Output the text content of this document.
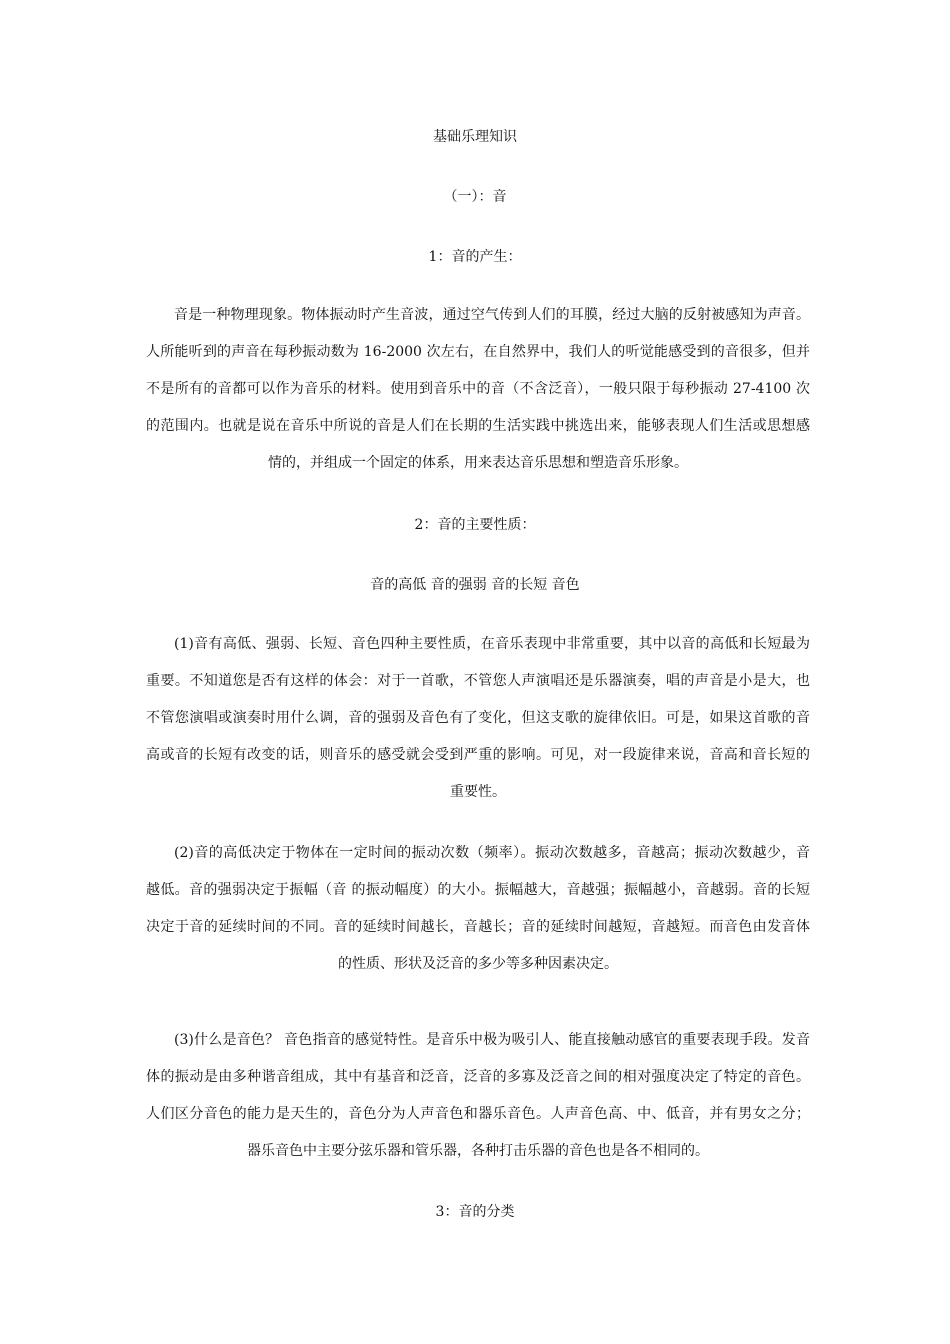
基础乐理知识
（一）：音
1：音的产生：
音是一种物理现象。物体振动时产生音波，通过空气传到人们的耳膜，经过大脑的反射被感知为声音。
人所能听到的声音在每秒振动数为 16-2000 次左右，在自然界中，我们人的听觉能感受到的音很多，但并
不是所有的音都可以作为音乐的材料。使用到音乐中的音（不含泛音），一般只限于每秒振动 27-4100 次
的范围内。也就是说在音乐中所说的音是人们在长期的生活实践中挑选出来，能够表现人们生活或思想感
情的，并组成一个固定的体系，用来表达音乐思想和塑造音乐形象。
2：音的主要性质：
音的高低 音的强弱 音的长短 音色
(1)音有高低、强弱、长短、音色四种主要性质，在音乐表现中非常重要，其中以音的高低和长短最为
重要。不知道您是否有这样的体会：对于一首歌，不管您人声演唱还是乐器演奏，唱的声音是小是大，也
不管您演唱或演奏时用什么调，音的强弱及音色有了变化，但这支歌的旋律依旧。可是，如果这首歌的音
高或音的长短有改变的话，则音乐的感受就会受到严重的影响。可见，对一段旋律来说，音高和音长短的
重要性。
(2)音的高低决定于物体在一定时间的振动次数（频率）。振动次数越多，音越高；振动次数越少，音
越低。音的强弱决定于振幅（音 的振动幅度）的大小。振幅越大，音越强；振幅越小，音越弱。音的长短
决定于音的延续时间的不同。音的延续时间越长，音越长；音的延续时间越短，音越短。而音色由发音体
的性质、形状及泛音的多少等多种因素决定。
(3)什么是音色？ 音色指音的感觉特性。是音乐中极为吸引人、能直接触动感官的重要表现手段。发音
体的振动是由多种谐音组成，其中有基音和泛音，泛音的多寡及泛音之间的相对强度决定了特定的音色。
人们区分音色的能力是天生的，音色分为人声音色和器乐音色。人声音色高、中、低音，并有男女之分；
器乐音色中主要分弦乐器和管乐器，各种打击乐器的音色也是各不相同的。
3：音的分类
